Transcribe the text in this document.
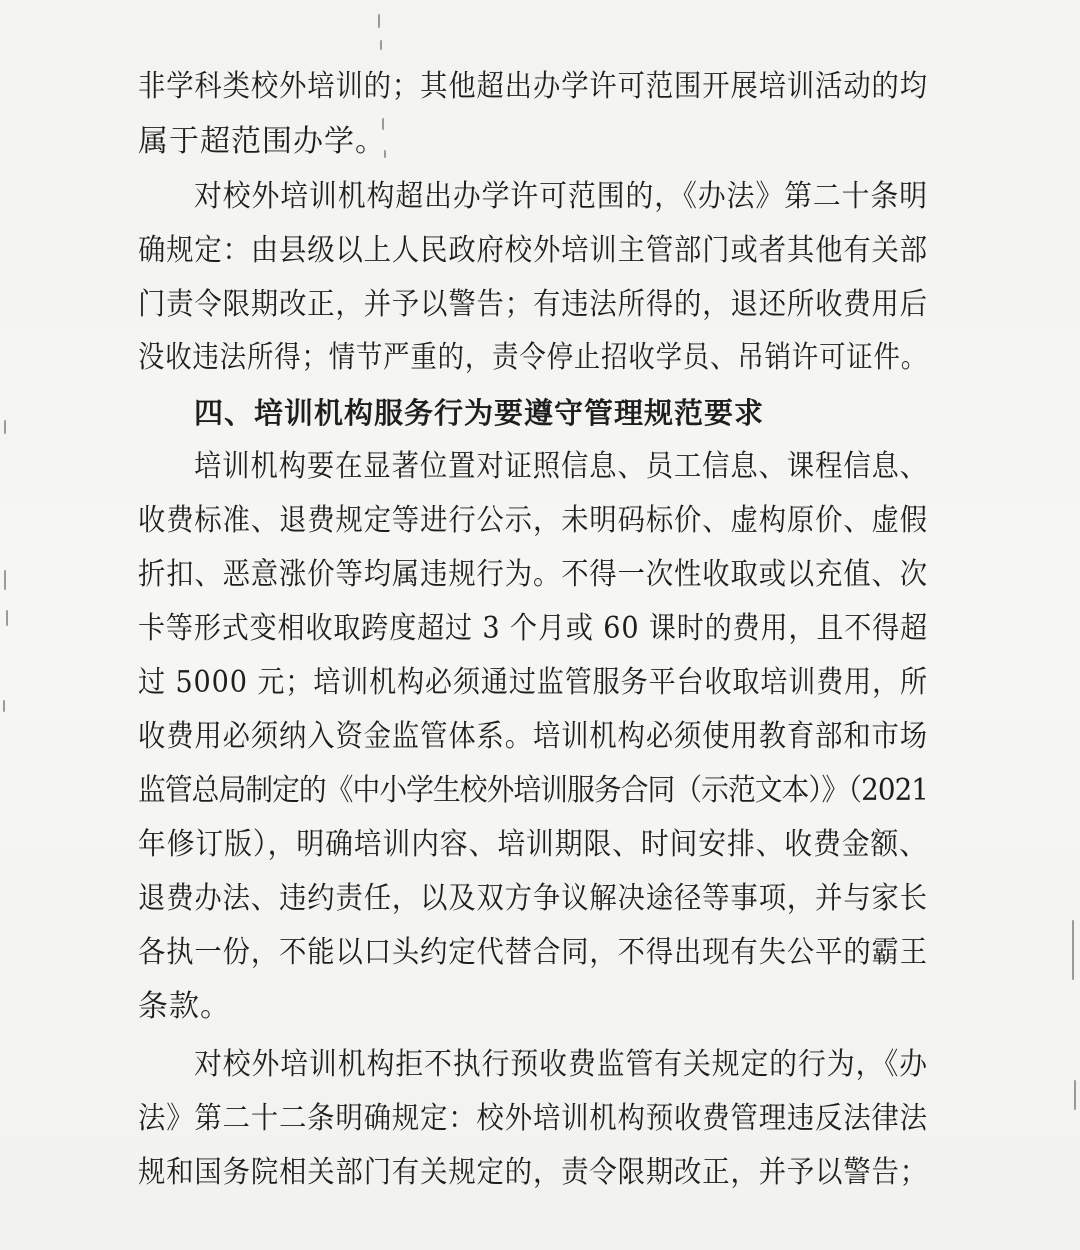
非学科类校外培训的；其他超出办学许可范围开展培训活动的均
属于超范围办学。
对校外培训机构超出办学许可范围的，《办法》第二十条明
确规定：由县级以上人民政府校外培训主管部门或者其他有关部
门责令限期改正，并予以警告；有违法所得的，退还所收费用后
没收违法所得；情节严重的，责令停止招收学员、吊销许可证件。
四、培训机构服务行为要遵守管理规范要求
培训机构要在显著位置对证照信息、员工信息、课程信息、
收费标准、退费规定等进行公示，未明码标价、虚构原价、虚假
折扣、恶意涨价等均属违规行为。不得一次性收取或以充值、次
卡等形式变相收取跨度超过 3 个月或 60 课时的费用，且不得超
过 5000 元；培训机构必须通过监管服务平台收取培训费用，所
收费用必须纳入资金监管体系。培训机构必须使用教育部和市场
监管总局制定的《中小学生校外培训服务合同（示范文本）》（2021
年修订版），明确培训内容、培训期限、时间安排、收费金额、
退费办法、违约责任，以及双方争议解决途径等事项，并与家长
各执一份，不能以口头约定代替合同，不得出现有失公平的霸王
条款。
对校外培训机构拒不执行预收费监管有关规定的行为，《办
法》第二十二条明确规定：校外培训机构预收费管理违反法律法
规和国务院相关部门有关规定的，责令限期改正，并予以警告；
